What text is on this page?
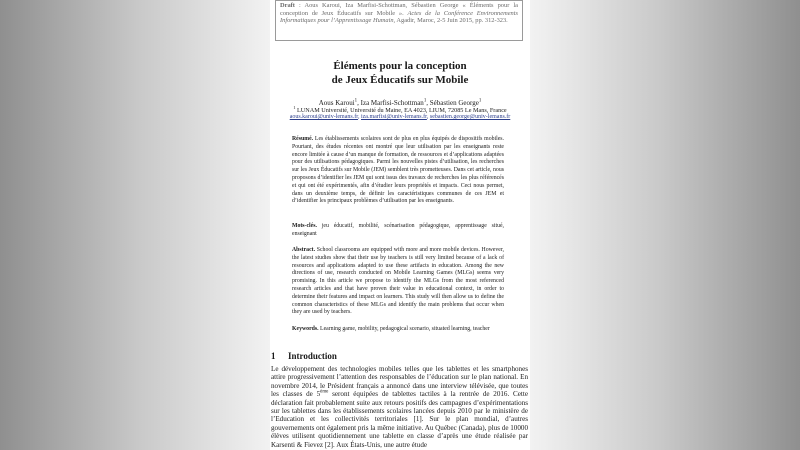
Draft : Aous Karoui, Iza Marfisi-Schottman, Sébastien George « Éléments pour la conception de Jeux Éducatifs sur Mobile ». Actes de la Conférence Environnements Informatiques pour l’Apprentissage Humain, Agadir, Maroc, 2-5 Juin 2015, pp. 312-323.
Éléments pour la conception
de Jeux Éducatifs sur Mobile
Aous Karoui$^1$, Iza Marfisi-Schottman$^1$, Sébastien George$^1$
$^1$ LUNAM Université, Université du Maine, EA 4023, LIUM, 72085 Le Mans, France
aous.karoui@univ-lemans.fr, iza.marfisi@univ-lemans.fr, sebastien.george@univ-lemans.fr
Résumé. Les établissements scolaires sont de plus en plus équipés de dispositifs mobiles. Pourtant, des études récentes ont montré que leur utilisation par les enseignants reste encore limitée à cause d’un manque de formation, de ressources et d’applications adaptées pour des utilisations pédagogiques. Parmi les nouvelles pistes d’utilisation, les recherches sur les Jeux Éducatifs sur Mobile (JEM) semblent très prometteuses. Dans cet article, nous proposons d’identifier les JEM qui sont issus des travaux de recherches les plus référencés et qui ont été expérimentés, afin d’étudier leurs propriétés et impacts. Ceci nous permet, dans un deuxième temps, de définir les caractéristiques communes de ces JEM et d’identifier les principaux problèmes d’utilisation par les enseignants.
Mots-clés. jeu éducatif, mobilité, scénarisation pédagogique, apprentissage situé, enseignant
Abstract. School classrooms are equipped with more and more mobile devices. However, the latest studies show that their use by teachers is still very limited because of a lack of resources and applications adapted to use these artifacts in education. Among the new directions of use, research conducted on Mobile Learning Games (MLGs) seems very promising. In this article we propose to identify the MLGs from the most referenced research articles and that have proven their value in educational context, in order to determine their features and impact on learners. This study will then allow us to define the common characteristics of these MLGs and identify the main problems that occur when they are used by teachers.
Keywords. Learning game, mobility, pedagogical scenario, situated learning, teacher
1 Introduction
Le développement des technologies mobiles telles que les tablettes et les smartphones attire progressivement l’attention des responsables de l’éducation sur le plan national. En novembre 2014, le Président français a annoncé dans une interview télévisée, que toutes les classes de 5ème seront équipées de tablettes tactiles à la rentrée de 2016. Cette déclaration fait probablement suite aux retours positifs des campagnes d’expérimentations sur les tablettes dans les établissements scolaires lancées depuis 2010 par le ministère de l’Education et les collectivités territoriales [1]. Sur le plan mondial, d’autres gouvernements ont également pris la même initiative. Au Québec (Canada), plus de 10000 élèves utilisent quotidiennement une tablette en classe d’après une étude réalisée par Karsenti & Fievez [2]. Aux États-Unis, une autre étude
